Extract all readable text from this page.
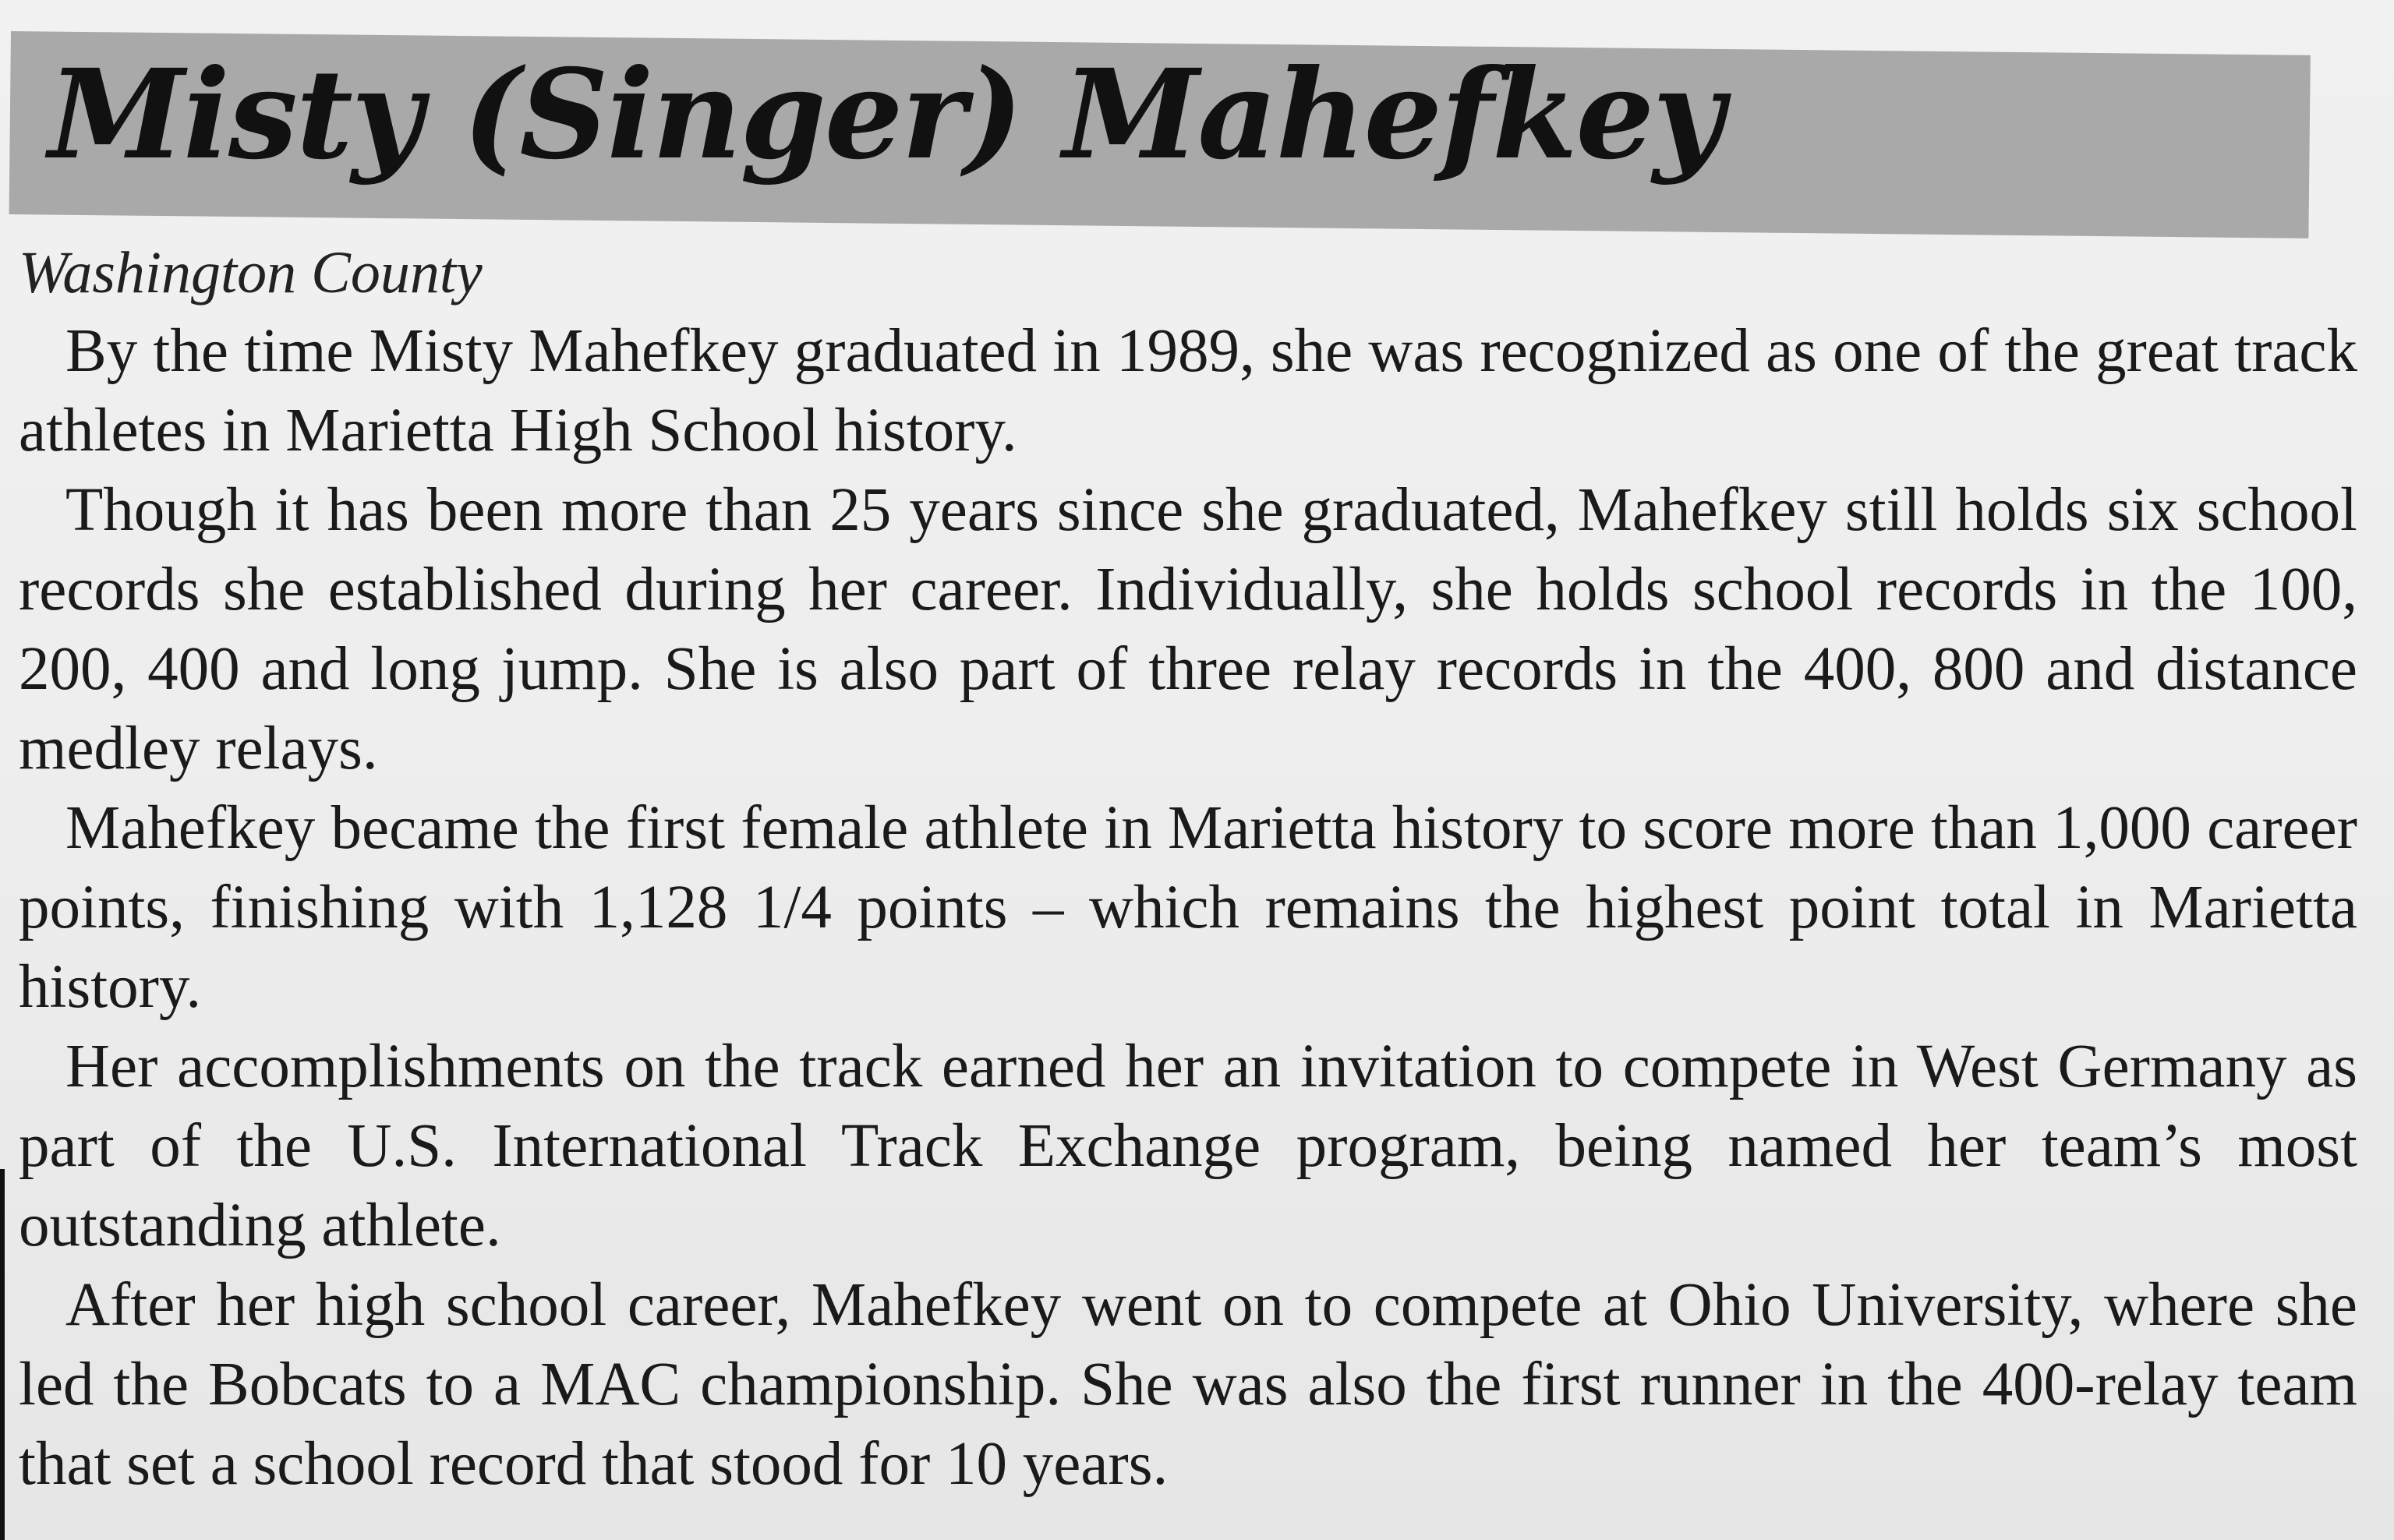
Misty (Singer) Mahefkey

Washington County

By the time Misty Mahefkey graduated in 1989, she was recognized as one of the great track athletes in Marietta High School history.

Though it has been more than 25 years since she graduated, Mahefkey still holds six school records she established during her career. Individually, she holds school records in the 100, 200, 400 and long jump. She is also part of three relay records in the 400, 800 and distance medley relays.

Mahefkey became the first female athlete in Marietta history to score more than 1,000 career points, finishing with 1,128 1/4 points – which remains the highest point total in Marietta history.

Her accomplishments on the track earned her an invitation to compete in West Germany as part of the U.S. International Track Exchange program, being named her team’s most outstanding athlete.

After her high school career, Mahefkey went on to compete at Ohio University, where she led the Bobcats to a MAC championship. She was also the first runner in the 400-relay team that set a school record that stood for 10 years.
